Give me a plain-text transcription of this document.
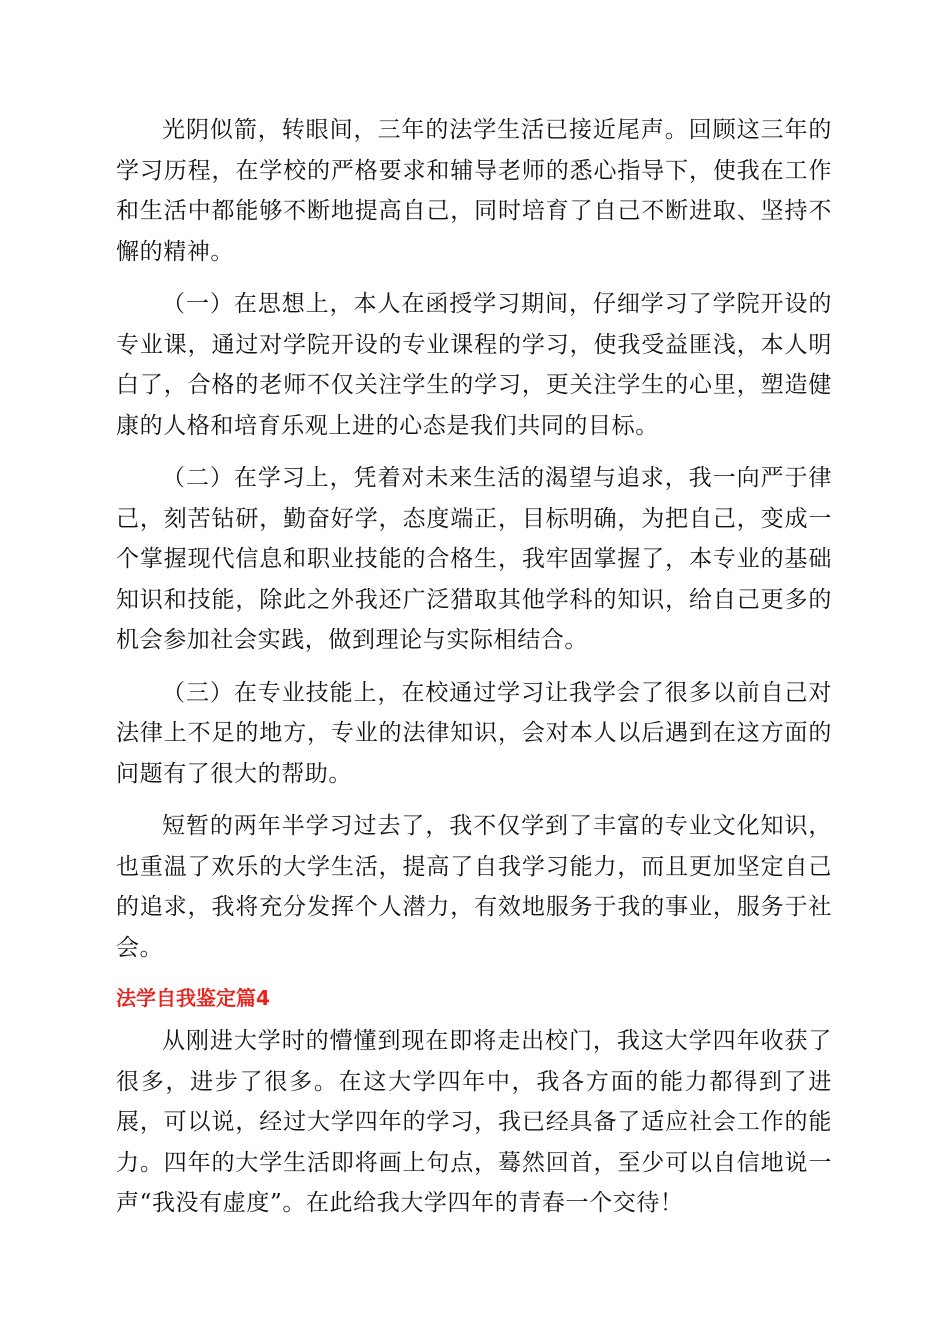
光阴似箭，转眼间，三年的法学生活已接近尾声。回顾这三年的学习历程，在学校的严格要求和辅导老师的悉心指导下，使我在工作和生活中都能够不断地提高自己，同时培育了自己不断进取、坚持不懈的精神。

（一）在思想上，本人在函授学习期间，仔细学习了学院开设的专业课，通过对学院开设的专业课程的学习，使我受益匪浅，本人明白了，合格的老师不仅关注学生的学习，更关注学生的心里，塑造健康的人格和培育乐观上进的心态是我们共同的目标。

（二）在学习上，凭着对未来生活的渴望与追求，我一向严于律己，刻苦钻研，勤奋好学，态度端正，目标明确，为把自己，变成一个掌握现代信息和职业技能的合格生，我牢固掌握了，本专业的基础知识和技能，除此之外我还广泛猎取其他学科的知识，给自己更多的机会参加社会实践，做到理论与实际相结合。

（三）在专业技能上，在校通过学习让我学会了很多以前自己对法律上不足的地方，专业的法律知识，会对本人以后遇到在这方面的问题有了很大的帮助。

短暂的两年半学习过去了，我不仅学到了丰富的专业文化知识，也重温了欢乐的大学生活，提高了自我学习能力，而且更加坚定自己的追求，我将充分发挥个人潜力，有效地服务于我的事业，服务于社会。

法学自我鉴定篇4

从刚进大学时的懵懂到现在即将走出校门，我这大学四年收获了很多，进步了很多。在这大学四年中，我各方面的能力都得到了进展，可以说，经过大学四年的学习，我已经具备了适应社会工作的能力。四年的大学生活即将画上句点，蓦然回首，至少可以自信地说一声“我没有虚度”。在此给我大学四年的青春一个交待！
